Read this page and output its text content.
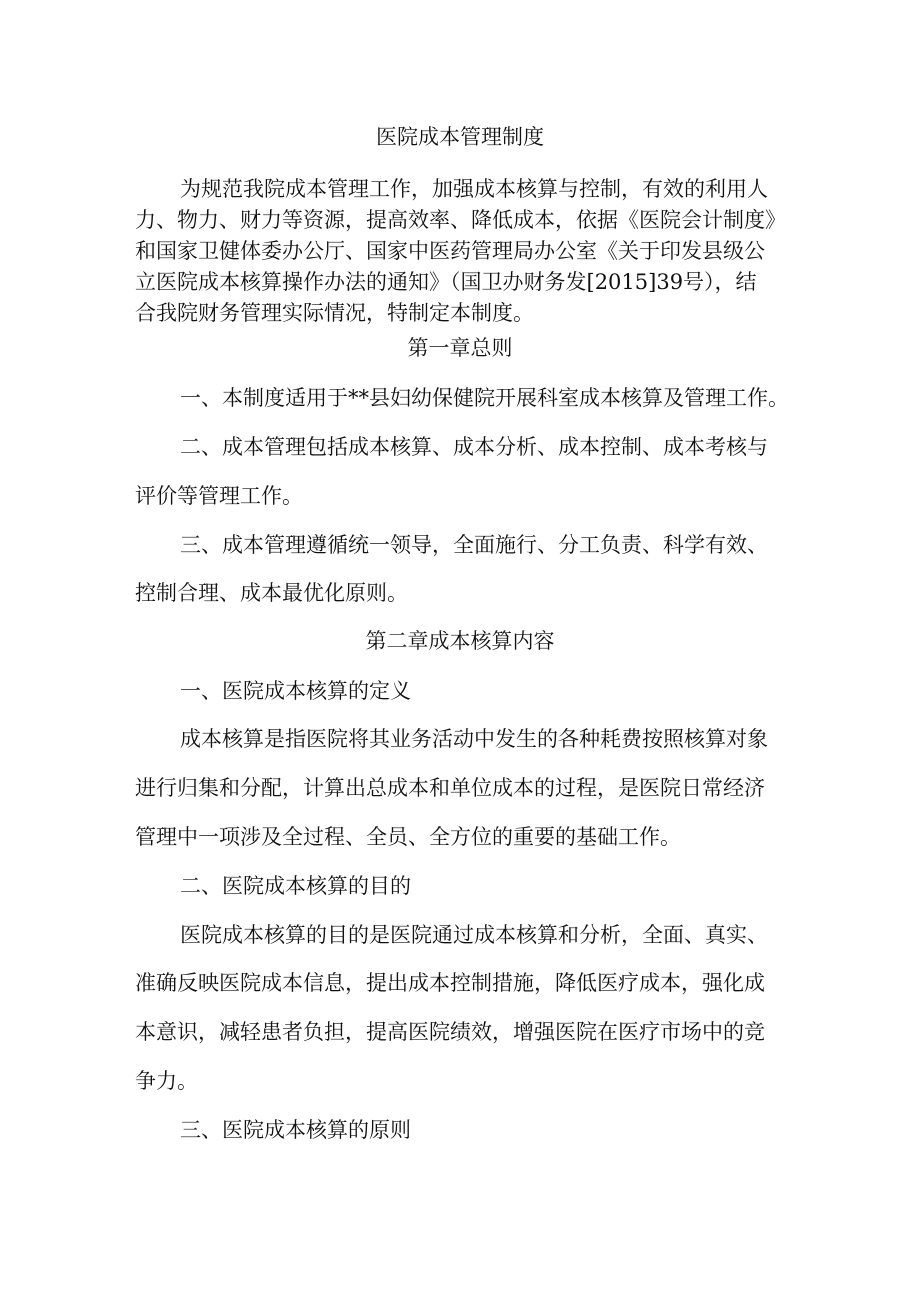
医院成本管理制度
为规范我院成本管理工作，加强成本核算与控制，有效的利用人
力、物力、财力等资源，提高效率、降低成本，依据《医院会计制度》
和国家卫健体委办公厅、国家中医药管理局办公室《关于印发县级公
立医院成本核算操作办法的通知》（国卫办财务发[2015]39号），结
合我院财务管理实际情况，特制定本制度。
第一章总则
一、本制度适用于**县妇幼保健院开展科室成本核算及管理工作。
二、成本管理包括成本核算、成本分析、成本控制、成本考核与
评价等管理工作。
三、成本管理遵循统一领导，全面施行、分工负责、科学有效、
控制合理、成本最优化原则。
第二章成本核算内容
一、医院成本核算的定义
成本核算是指医院将其业务活动中发生的各种耗费按照核算对象
进行归集和分配，计算出总成本和单位成本的过程，是医院日常经济
管理中一项涉及全过程、全员、全方位的重要的基础工作。
二、医院成本核算的目的
医院成本核算的目的是医院通过成本核算和分析，全面、真实、
准确反映医院成本信息，提出成本控制措施，降低医疗成本，强化成
本意识，减轻患者负担，提高医院绩效，增强医院在医疗市场中的竞
争力。
三、医院成本核算的原则
